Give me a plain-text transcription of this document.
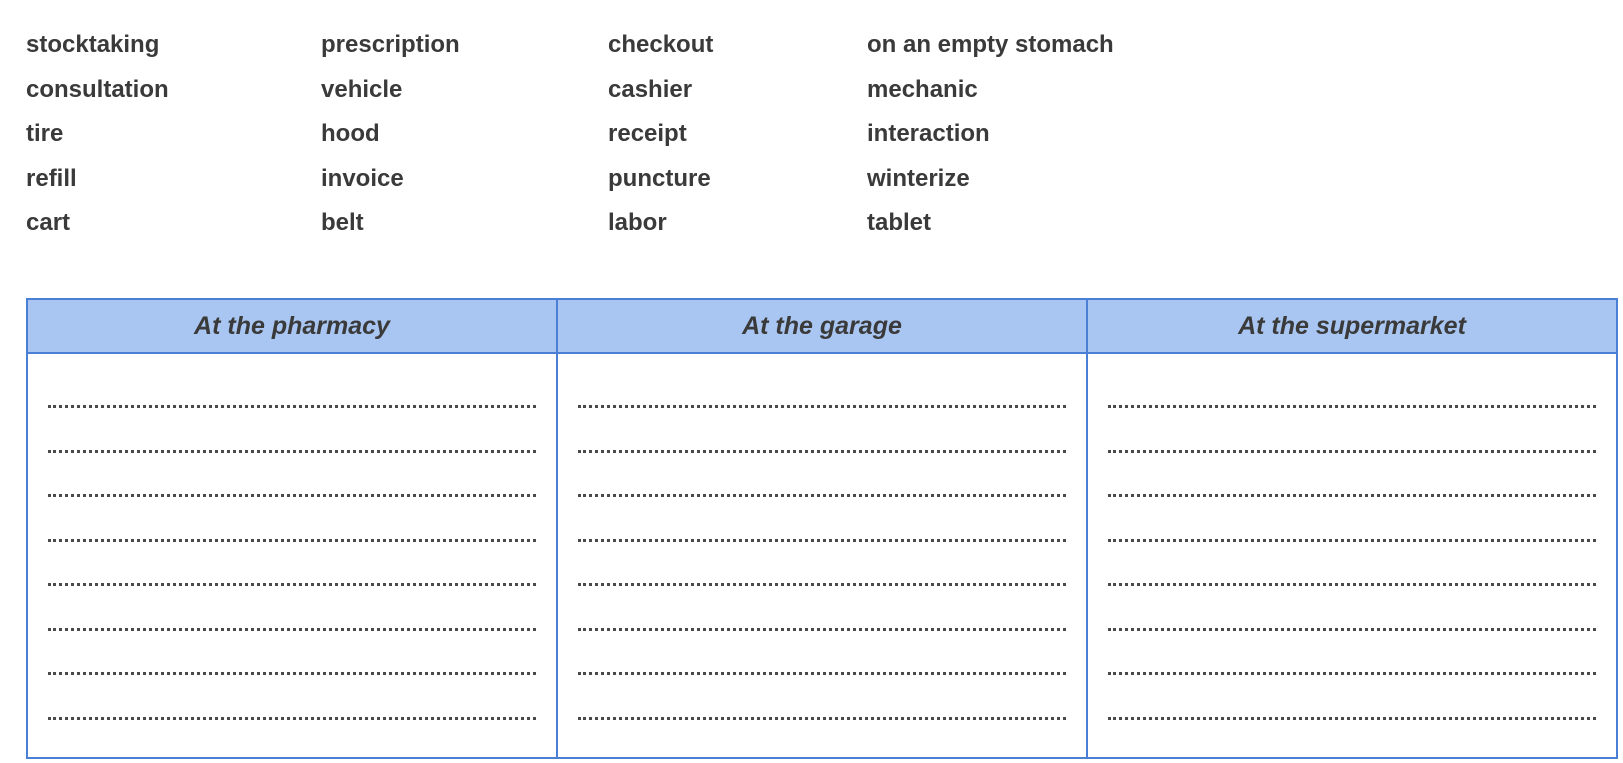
stocktaking
consultation
tire
refill
cart
prescription
vehicle
hood
invoice
belt
checkout
cashier
receipt
puncture
labor
on an empty stomach
mechanic
interaction
winterize
tablet
At the pharmacy	At the garage	At the supermarket
